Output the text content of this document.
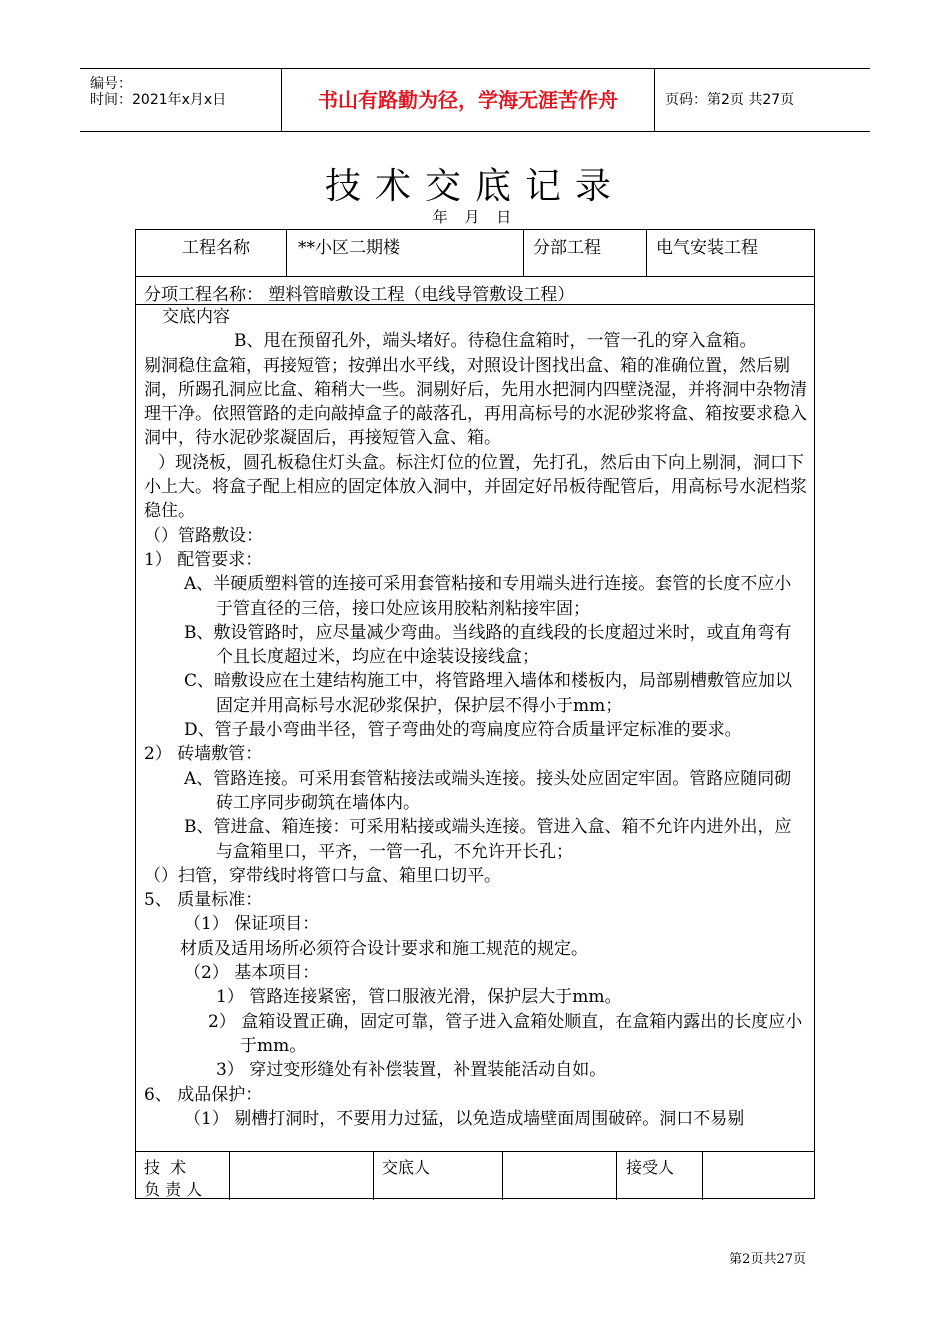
编号：
时间：2021年x月x日	书山有路勤为径，学海无涯苦作舟	页码：第2页 共27页
技术交底记录
年 月 日
工程名称	**小区二期楼	分部工程	电气安装工程
分项工程名称： 塑料管暗敷设工程（电线导管敷设工程）

交底内容

B、甩在预留孔外，端头堵好。待稳住盒箱时，一管一孔的穿入盒箱。

剔洞稳住盒箱，再接短管；按弹出水平线，对照设计图找出盒、箱的准确位置，然后剔洞，所踢孔洞应比盒、箱稍大一些。洞剔好后，先用水把洞内四壁浇湿，并将洞中杂物清理干净。依照管路的走向敲掉盒子的敲落孔，再用高标号的水泥砂浆将盒、箱按要求稳入洞中，待水泥砂浆凝固后，再接短管入盒、箱。

）现浇板，圆孔板稳住灯头盒。标注灯位的位置，先打孔，然后由下向上剔洞，洞口下小上大。将盒子配上相应的固定体放入洞中，并固定好吊板待配管后，用高标号水泥档浆稳住。

（）管路敷设：

1） 配管要求：

A、半硬质塑料管的连接可采用套管粘接和专用端头进行连接。套管的长度不应小于管直径的三倍，接口处应该用胶粘剂粘接牢固；

B、敷设管路时，应尽量减少弯曲。当线路的直线段的长度超过米时，或直角弯有个且长度超过米，均应在中途装设接线盒；

C、暗敷设应在土建结构施工中，将管路埋入墙体和楼板内，局部剔槽敷管应加以固定并用高标号水泥砂浆保护，保护层不得小于mm；

D、管子最小弯曲半径，管子弯曲处的弯扁度应符合质量评定标准的要求。

2） 砖墙敷管：

A、管路连接。可采用套管粘接法或端头连接。接头处应固定牢固。管路应随同砌砖工序同步砌筑在墙体内。

B、管进盒、箱连接：可采用粘接或端头连接。管进入盒、箱不允许内进外出，应与盒箱里口，平齐，一管一孔，不允许开长孔；

（）扫管，穿带线时将管口与盒、箱里口切平。

5、 质量标准：

（1） 保证项目：

材质及适用场所必须符合设计要求和施工规范的规定。

（2） 基本项目：

1） 管路连接紧密，管口服液光滑，保护层大于mm。

2） 盒箱设置正确，固定可靠，管子进入盒箱处顺直，在盒箱内露出的长度应小于mm。

3） 穿过变形缝处有补偿装置，补置装能活动自如。

6、 成品保护：

（1） 剔槽打洞时，不要用力过猛，以免造成墙壁面周围破碎。洞口不易剔

技  术
负 责 人
交底人	接受人
第2页共27页
